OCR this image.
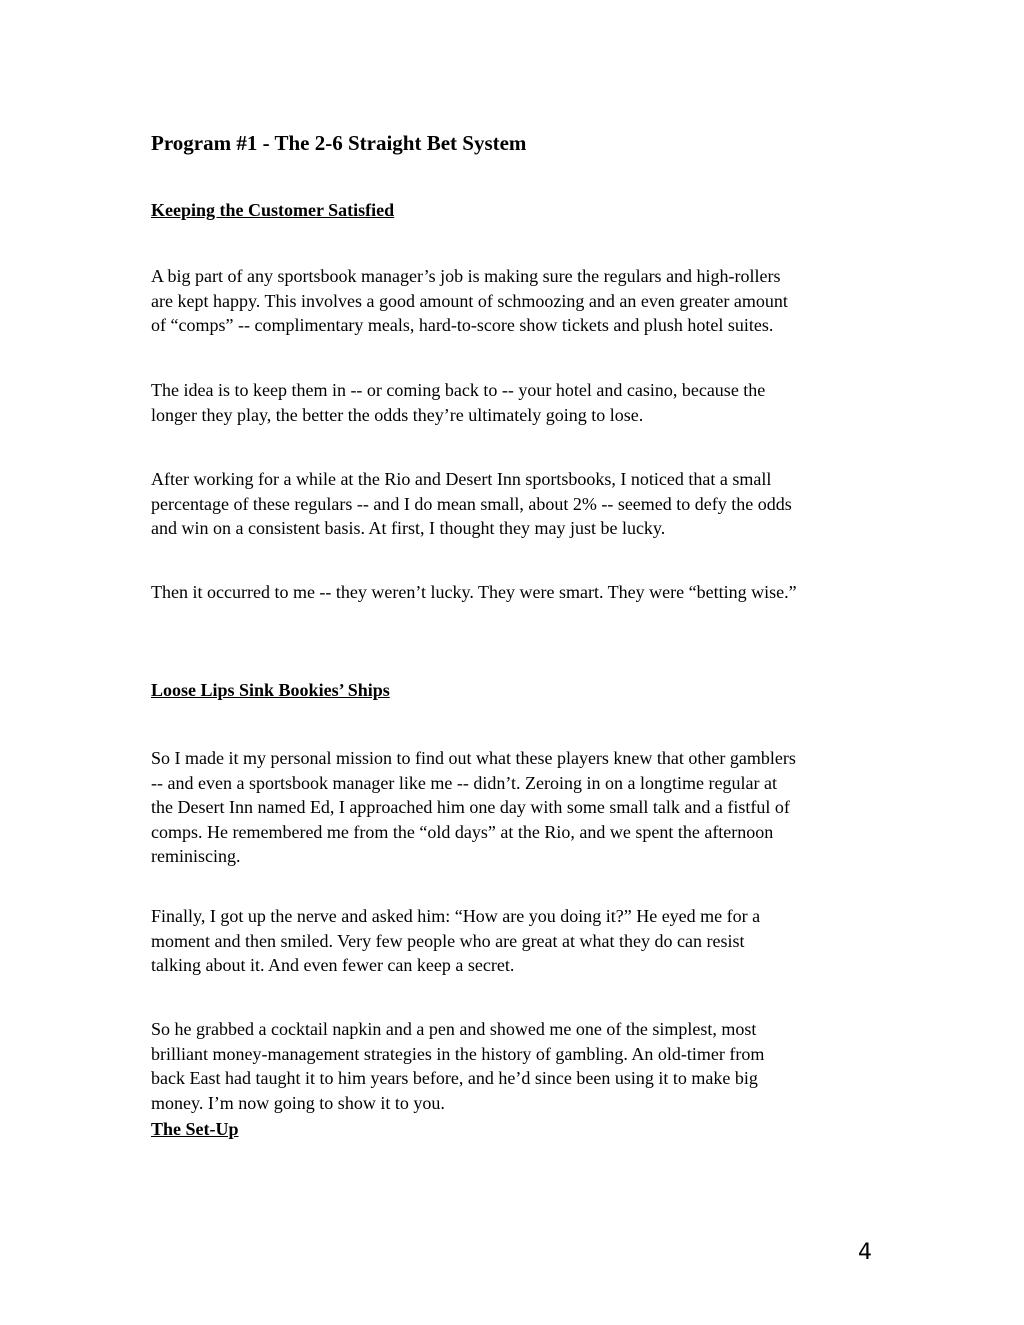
Program #1 - The 2-6 Straight Bet System
Keeping the Customer Satisfied

A big part of any sportsbook manager’s job is making sure the regulars and high-rollers
are kept happy. This involves a good amount of schmoozing and an even greater amount
of “comps” -- complimentary meals, hard-to-score show tickets and plush hotel suites.

The idea is to keep them in -- or coming back to -- your hotel and casino, because the
longer they play, the better the odds they’re ultimately going to lose.

After working for a while at the Rio and Desert Inn sportsbooks, I noticed that a small
percentage of these regulars -- and I do mean small, about 2% -- seemed to defy the odds
and win on a consistent basis. At first, I thought they may just be lucky.

Then it occurred to me -- they weren’t lucky. They were smart. They were “betting wise.”

Loose Lips Sink Bookies’ Ships

So I made it my personal mission to find out what these players knew that other gamblers
-- and even a sportsbook manager like me -- didn’t. Zeroing in on a longtime regular at
the Desert Inn named Ed, I approached him one day with some small talk and a fistful of
comps. He remembered me from the “old days” at the Rio, and we spent the afternoon
reminiscing.

Finally, I got up the nerve and asked him: “How are you doing it?” He eyed me for a
moment and then smiled. Very few people who are great at what they do can resist
talking about it. And even fewer can keep a secret.

So he grabbed a cocktail napkin and a pen and showed me one of the simplest, most
brilliant money-management strategies in the history of gambling. An old-timer from
back East had taught it to him years before, and he’d since been using it to make big
money. I’m now going to show it to you.

The Set-Up
4
